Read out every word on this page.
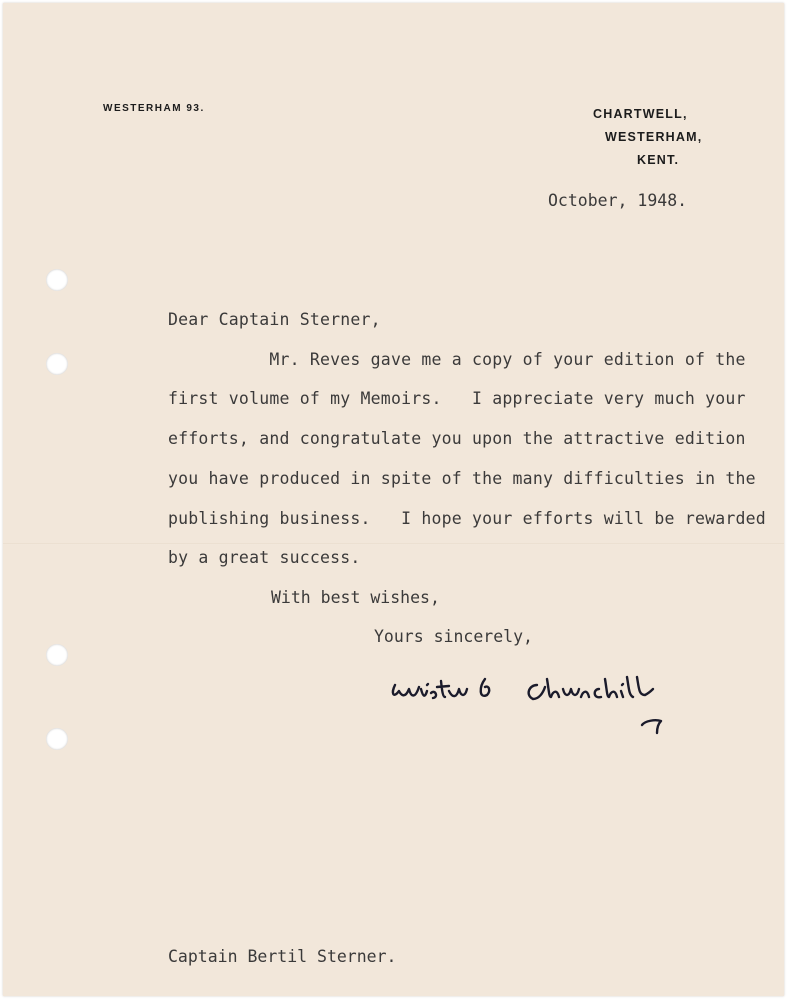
WESTERHAM 93.	CHARTWELL,
WESTERHAM,
KENT.
October, 1948.
Dear Captain Sterner,
Mr. Reves gave me a copy of your edition of the
first volume of my Memoirs.   I appreciate very much your
efforts, and congratulate you upon the attractive edition
you have produced in spite of the many difficulties in the
publishing business.   I hope your efforts will be rewarded
by a great success.
With best wishes,
Yours sincerely,
Captain Bertil Sterner.
